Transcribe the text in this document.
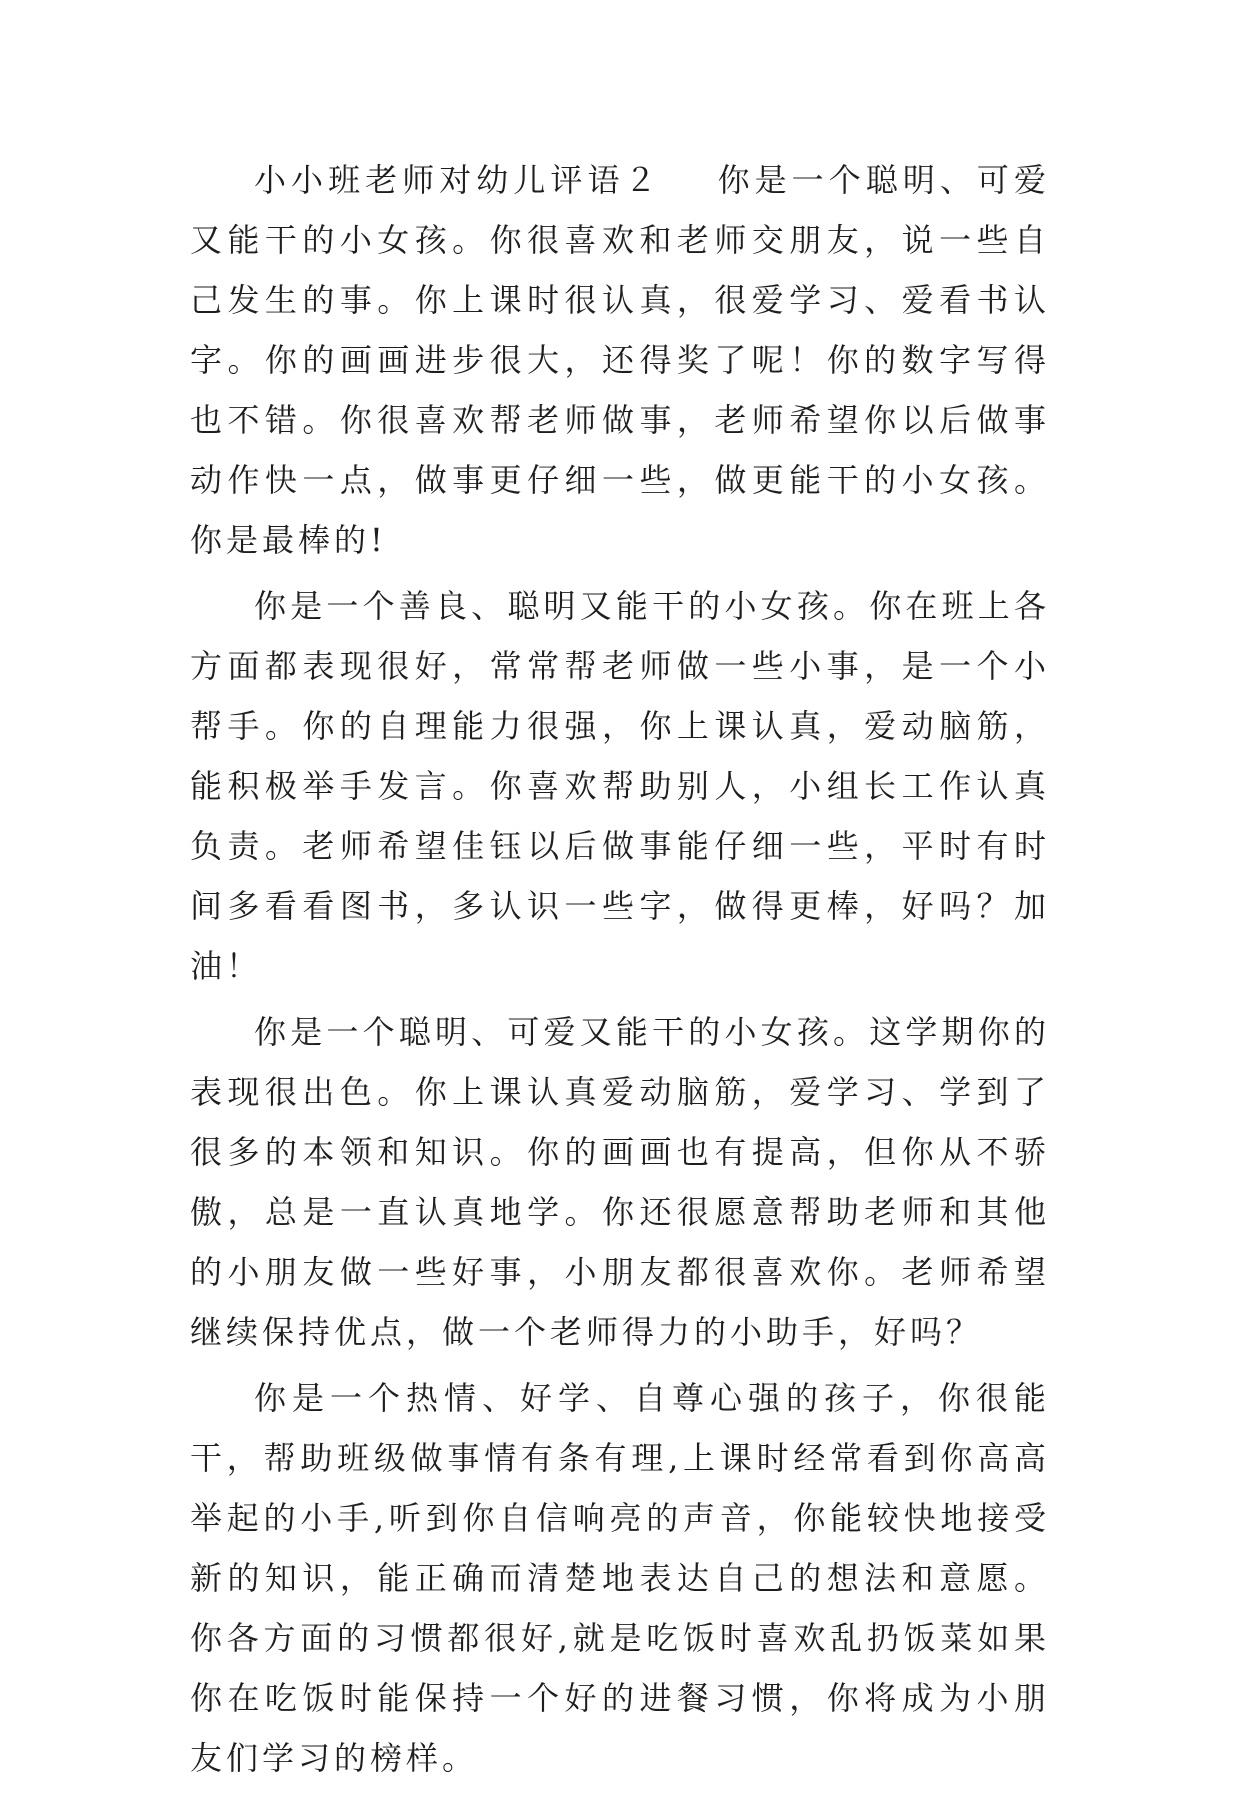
小小班老师对幼儿评语２ 你是一个聪明、可爱又能干的小女孩。你很喜欢和老师交朋友，说一些自己发生的事。你上课时很认真，很爱学习、爱看书认字。你的画画进步很大，还得奖了呢！你的数字写得也不错。你很喜欢帮老师做事，老师希望你以后做事动作快一点，做事更仔细一些，做更能干的小女孩。你是最棒的!

你是一个善良、聪明又能干的小女孩。你在班上各方面都表现很好，常常帮老师做一些小事，是一个小帮手。你的自理能力很强，你上课认真，爱动脑筋，能积极举手发言。你喜欢帮助别人，小组长工作认真负责。老师希望佳钰以后做事能仔细一些，平时有时间多看看图书，多认识一些字，做得更棒，好吗？加油！

你是一个聪明、可爱又能干的小女孩。这学期你的表现很出色。你上课认真爱动脑筋，爱学习、学到了很多的本领和知识。你的画画也有提高，但你从不骄傲，总是一直认真地学。你还很愿意帮助老师和其他的小朋友做一些好事，小朋友都很喜欢你。老师希望继续保持优点，做一个老师得力的小助手，好吗？

你是一个热情、好学、自尊心强的孩子，你很能干，帮助班级做事情有条有理,上课时经常看到你高高举起的小手,听到你自信响亮的声音，你能较快地接受新的知识，能正确而清楚地表达自己的想法和意愿。你各方面的习惯都很好,就是吃饭时喜欢乱扔饭菜如果你在吃饭时能保持一个好的进餐习惯，你将成为小朋友们学习的榜样。
